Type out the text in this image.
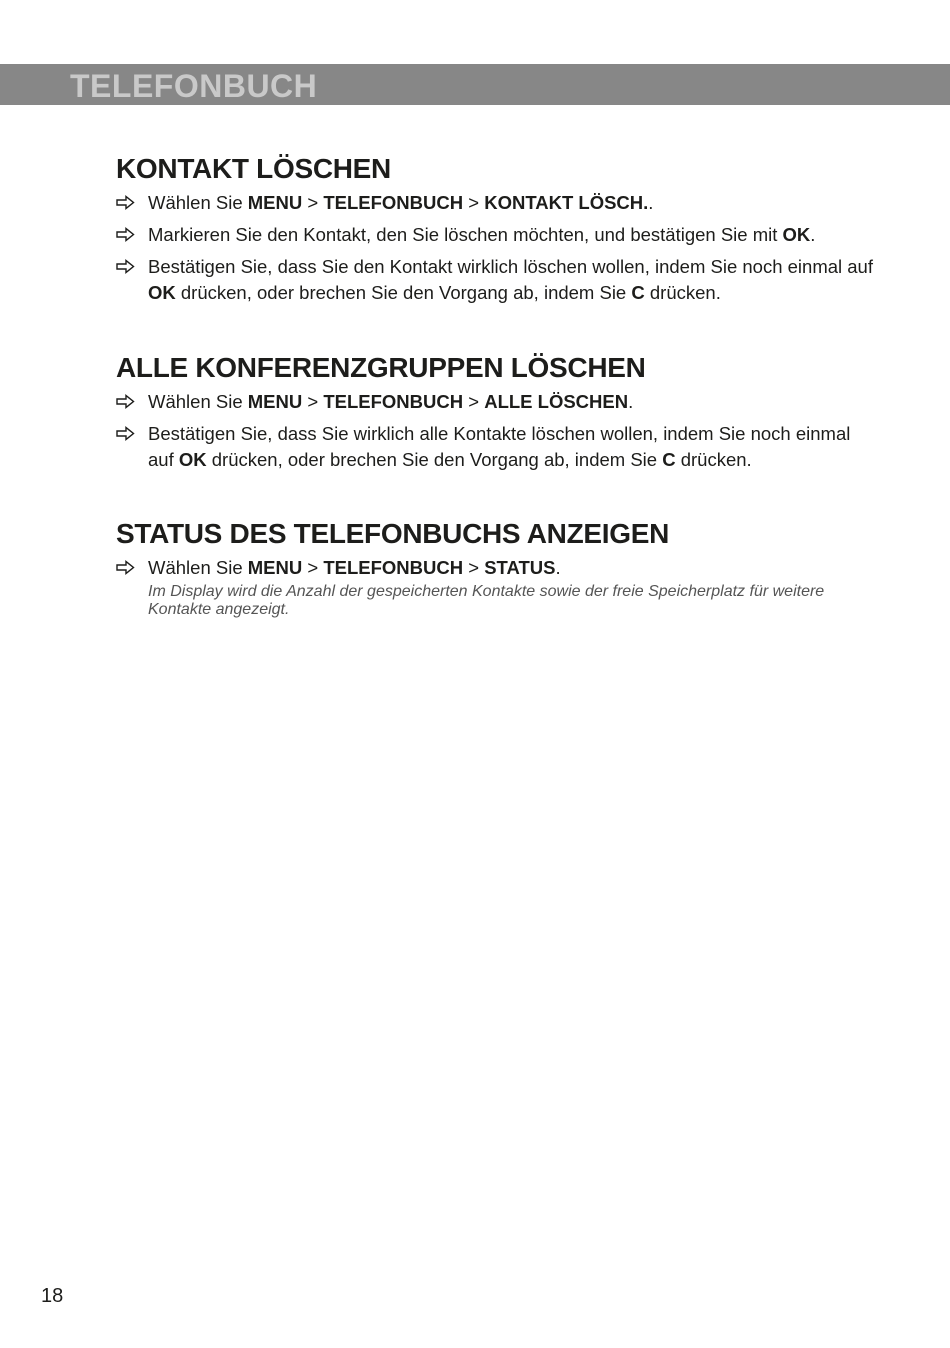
TELEFONBUCH
KONTAKT LÖSCHEN
Wählen Sie MENU > TELEFONBUCH > KONTAKT LÖSCH..
Markieren Sie den Kontakt, den Sie löschen möchten, und bestätigen Sie mit OK.
Bestätigen Sie, dass Sie den Kontakt wirklich löschen wollen, indem Sie noch einmal auf OK drücken, oder brechen Sie den Vorgang ab, indem Sie C drücken.
ALLE KONFERENZGRUPPEN LÖSCHEN
Wählen Sie MENU > TELEFONBUCH > ALLE LÖSCHEN.
Bestätigen Sie, dass Sie wirklich alle Kontakte löschen wollen, indem Sie noch einmal auf OK drücken, oder brechen Sie den Vorgang ab, indem Sie C drücken.
STATUS DES TELEFONBUCHS ANZEIGEN
Wählen Sie MENU > TELEFONBUCH > STATUS.
Im Display wird die Anzahl der gespeicherten Kontakte sowie der freie Speicherplatz für weitere Kontakte angezeigt.
18
